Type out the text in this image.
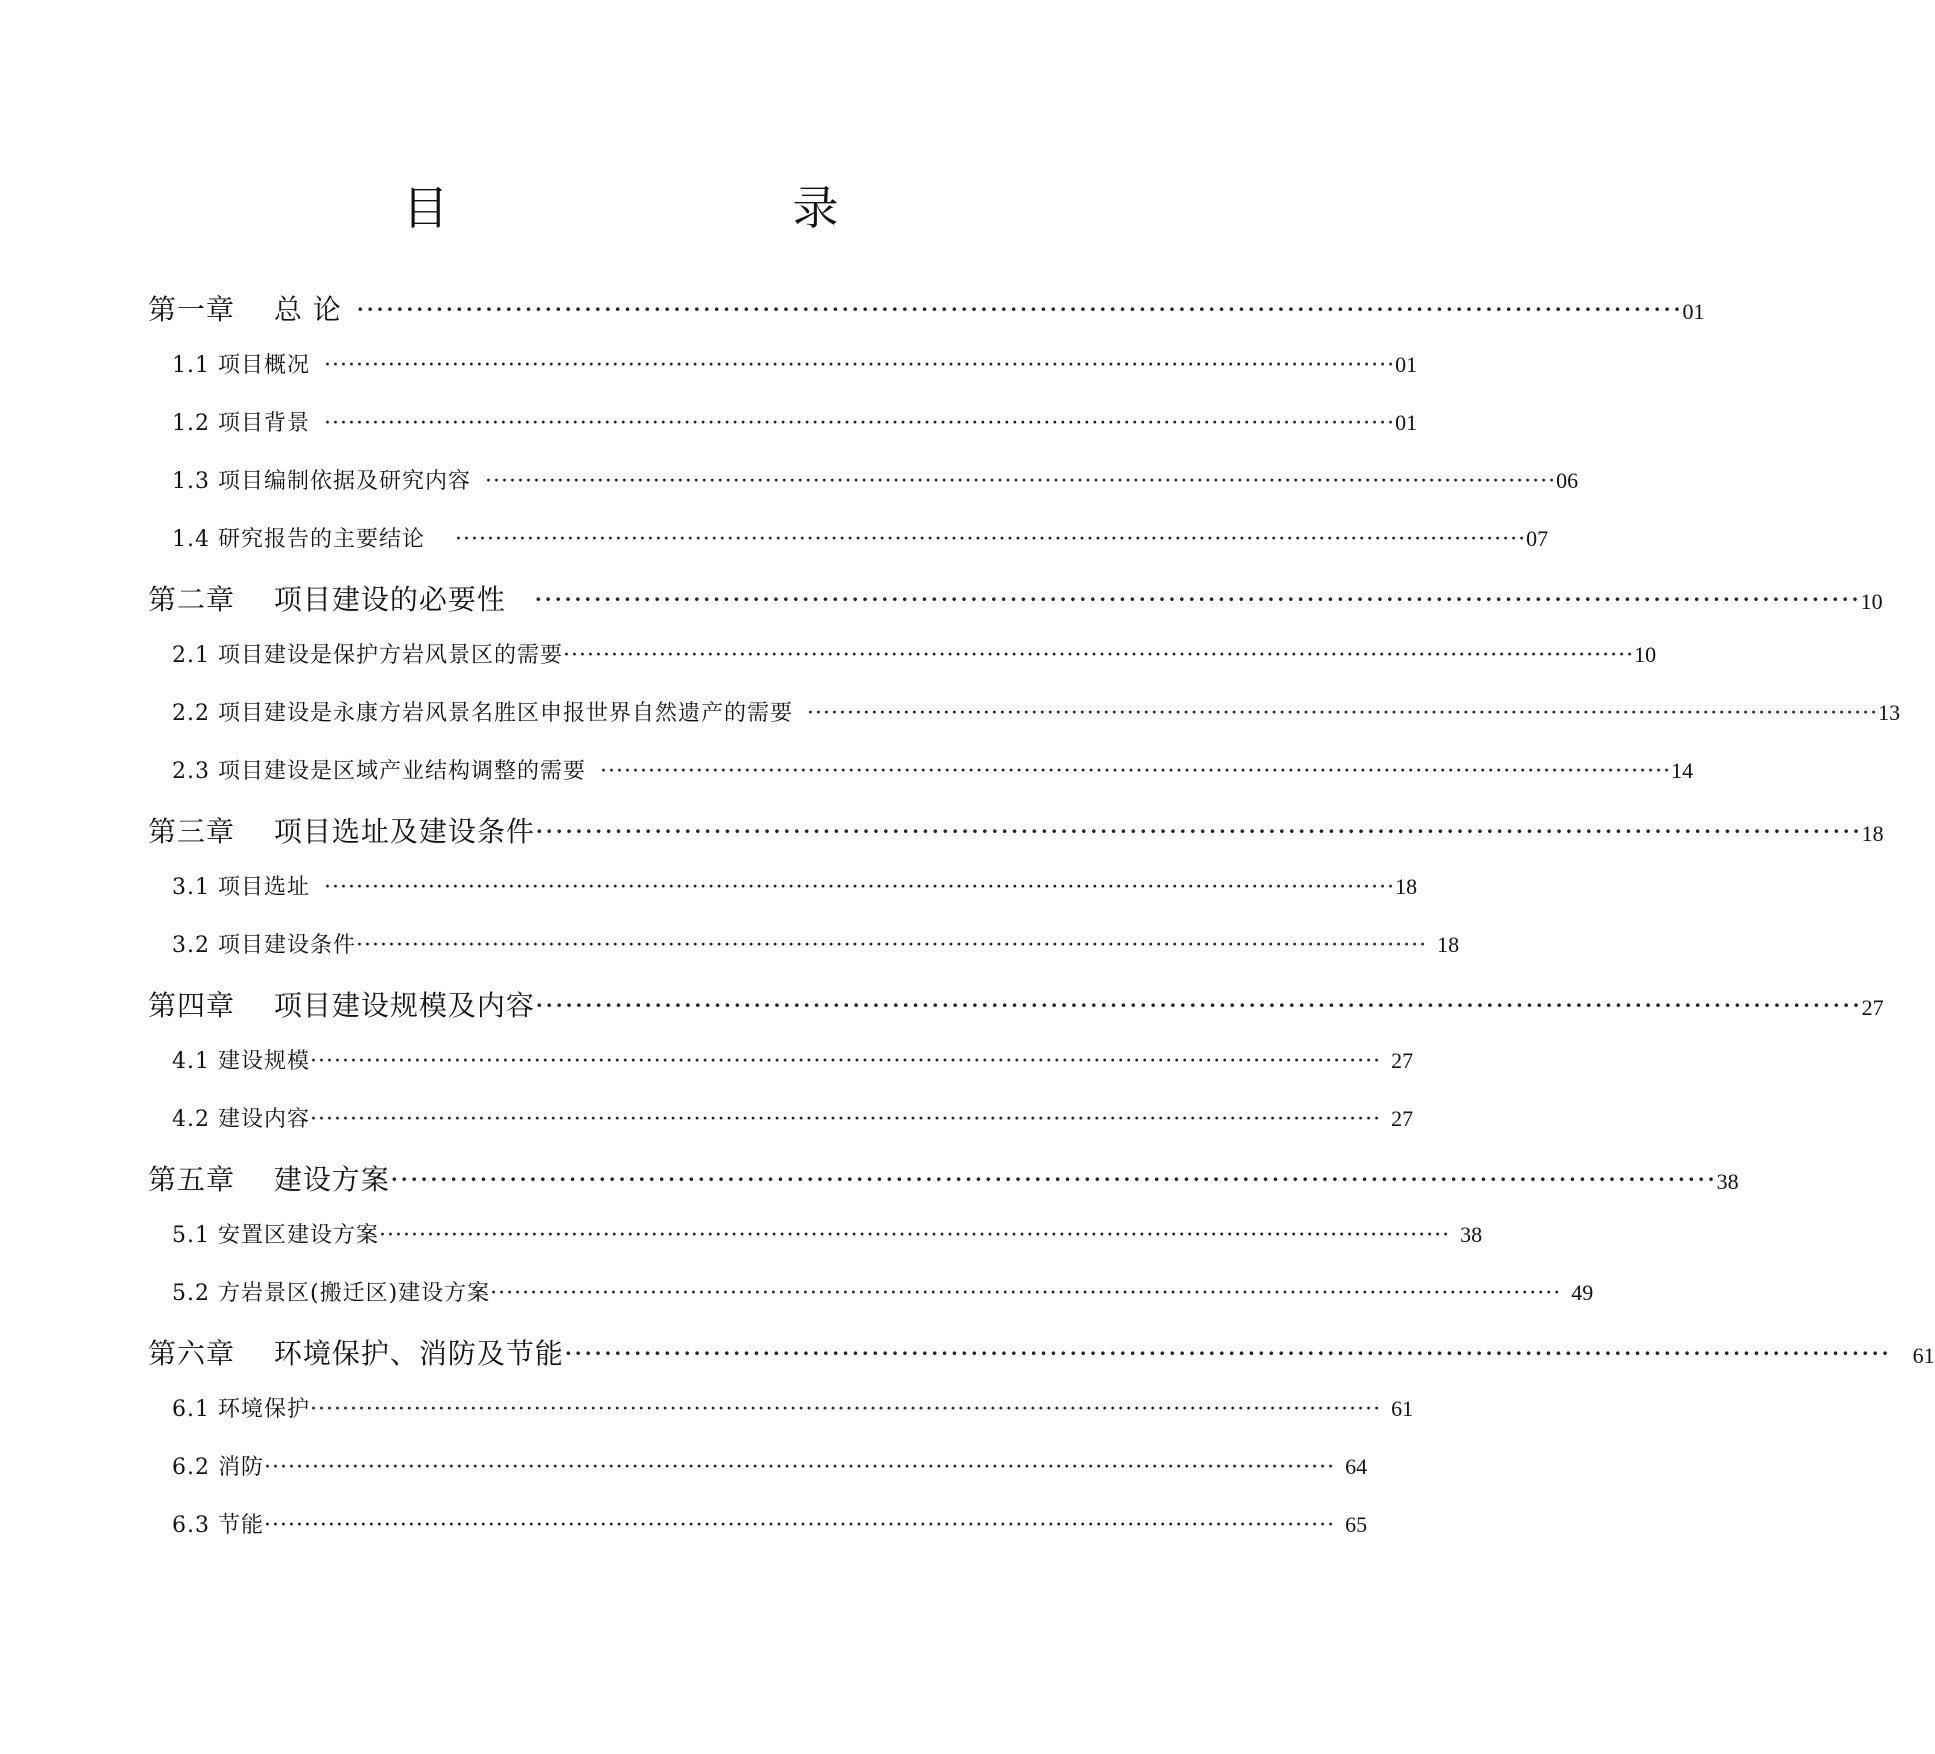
目　　录
第一章　 总 论 ······································································································································ 01
1.1 项目概况 ······································································································································ 01
1.2 项目背景 ······································································································································ 01
1.3 项目编制依据及研究内容 ······································································································································ 06
1.4 研究报告的主要结论 ······································································································································ 07
第二章　 项目建设的必要性 ······································································································································ 10
2.1 项目建设是保护方岩风景区的需要 ······································································································································ 10
2.2 项目建设是永康方岩风景名胜区申报世界自然遗产的需要 ······································································································································ 13
2.3 项目建设是区域产业结构调整的需要 ······································································································································ 14
第三章　 项目选址及建设条件 ······································································································································ 18
3.1 项目选址 ······································································································································ 18
3.2 项目建设条件 ······································································································································ 18
第四章　 项目建设规模及内容 ······································································································································ 27
4.1 建设规模 ······································································································································ 27
4.2 建设内容 ······································································································································ 27
第五章　 建设方案 ······································································································································ 38
5.1 安置区建设方案 ······································································································································ 38
5.2 方岩景区(搬迁区)建设方案 ······································································································································ 49
第六章　 环境保护、消防及节能 ······································································································································ 61
6.1 环境保护 ······································································································································ 61
6.2 消防 ······································································································································ 64
6.3 节能 ······································································································································ 65
